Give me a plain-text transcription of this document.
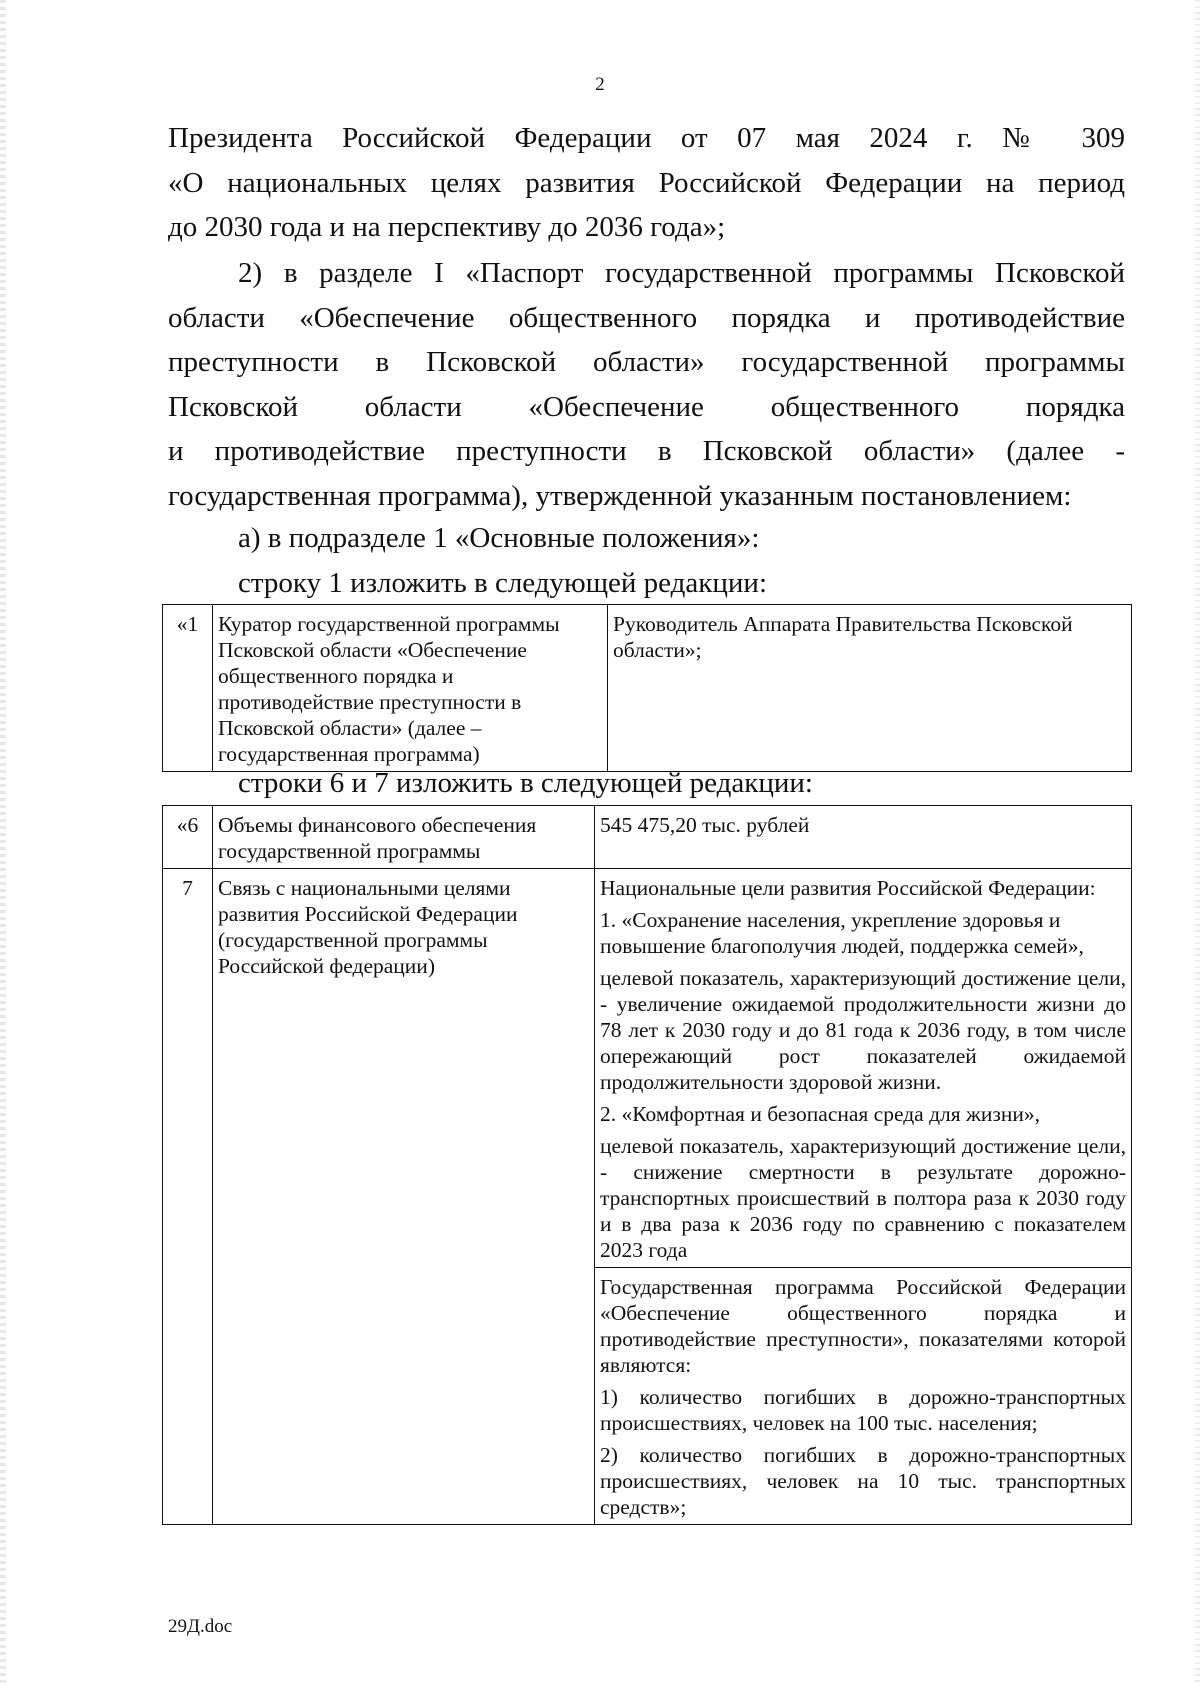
2
Президента Российской Федерации от 07 мая 2024 г. № 309
«О национальных целях развития Российской Федерации на период
до 2030 года и на перспективу до 2036 года»;
2) в разделе I «Паспорт государственной программы Псковской
области «Обеспечение общественного порядка и противодействие
преступности в Псковской области» государственной программы
Псковской области «Обеспечение общественного порядка
и противодействие преступности в Псковской области» (далее -
государственная программа), утвержденной указанным постановлением:
а) в подразделе 1 «Основные положения»:
строку 1 изложить в следующей редакции:
«1	Куратор государственной программы Псковской области «Обеспечение общественного порядка и противодействие преступности в Псковской области» (далее – государственная программа)	Руководитель Аппарата Правительства Псковской области»;
строки 6 и 7 изложить в следующей редакции:
«6	Объемы финансового обеспечения государственной программы	545 475,20 тыс. рублей
7	Связь с национальными целями развития Российской Федерации (государственной программы Российской федерации)	Национальные цели развития Российской Федерации:

1. «Сохранение населения, укрепление здоровья и повышение благополучия людей, поддержка семей»,

целевой показатель, характеризующий достижение цели, - увеличение ожидаемой продолжительности жизни до 78 лет к 2030 году и до 81 года к 2036 году, в том числе опережающий рост показателей ожидаемой продолжительности здоровой жизни.

2. «Комфортная и безопасная среда для жизни»,

целевой показатель, характеризующий достижение цели, - снижение смертности в результате дорожно-транспортных происшествий в полтора раза к 2030 году и в два раза к 2036 году по сравнению с показателем 2023 года

		Государственная программа Российской Федерации «Обеспечение общественного порядка и противодействие преступности», показателями которой являются:

1) количество погибших в дорожно-транспортных происшествиях, человек на 100 тыс. населения;

2) количество погибших в дорожно-транспортных происшествиях, человек на 10 тыс. транспортных средств»;

29Д.doc
